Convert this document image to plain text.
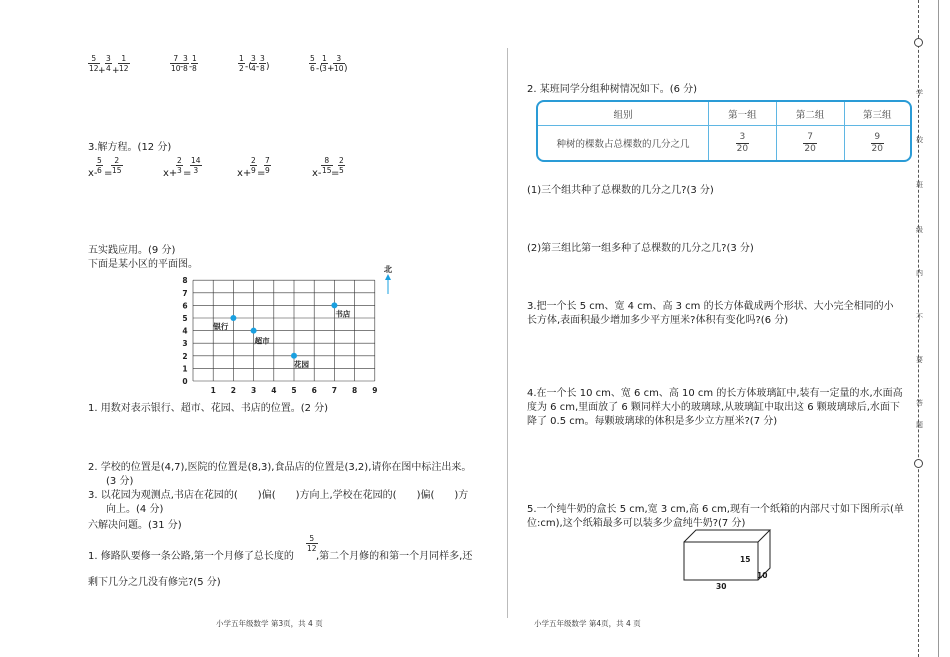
$\frac{5}{12}$
+ $\frac{3}{4}$ +
$\frac{1}{12}$	$\frac{7}{10}$
-
$\frac{3}{8}$ -
$\frac{1}{8}$	$\frac{1}{2}$ -(
$\frac{3}{4} - \frac{3}{8}$ )	$\frac{5}{6}$ -(
$\frac{1}{3}$ +
$\frac{3}{10}$ )
3.解方程。(12 分)
x-
$\frac{5}{6}$ =
$\frac{2}{15}$	x+
$\frac{2}{3}$ =
$\frac{14}{3}$	x+
$\frac{2}{9}$ =
$\frac{7}{9}$	$x- \frac{8}{15}$
=
$\frac{2}{5}$
五实践应用。(9 分)
下面是某小区的平面图。
1 2 3 4 5 6 7 8 9
0
1
2
3
4
5
6
7
8
银行
超市
花园
书店
北
1. 用数对表示银行、超市、花园、书店的位置。(2 分)
2. 学校的位置是(4,7),医院的位置是(8,3),食品店的位置是(3,2),请你在图中标注出来。
(3 分)
3. 以花园为观测点,书店在花园的(　　)偏(　　)方向上,学校在花园的(　　)偏(　　)方
向上。(4 分)
六解决问题。(31 分)
1. 修路队要修一条公路,第一个月修了总长度的
$\frac{5}{12}$
,第二个月修的和第一个月同样多,还
剩下几分之几没有修完?(5 分)
小学五年级数学 第3页，共 4 页
2. 某班同学分组种树情况如下。(6 分)
组别	第一组	第二组	第三组
种树的棵数占总棵数的几分之几	$\frac{3}{20}$	$\frac{7}{20}$	$\frac{9}{20}$
(1)三个组共种了总棵数的几分之几?(3 分)
(2)第三组比第一组多种了总棵数的几分之几?(3 分)
3.把一个长 5 cm、宽 4 cm、高 3 cm 的长方体截成两个形状、大小完全相同的小
长方体,表面积最少增加多少平方厘米?体积有变化吗?(6 分)
4.在一个长 10 cm、宽 6 cm、高 10 cm 的长方体玻璃缸中,装有一定量的水,水面高
度为 6 cm,里面放了 6 颗同样大小的玻璃球,从玻璃缸中取出这 6 颗玻璃球后,水面下
降了 0.5 cm。每颗玻璃球的体积是多少立方厘米?(7 分)
5.一个纯牛奶的盒长 5 cm,宽 3 cm,高 6 cm,现有一个纸箱的内部尺寸如下图所示(单
位:cm),这个纸箱最多可以装多少盒纯牛奶?(7 分)
15
10
30
小学五年级数学 第4页，共 4 页
学
校
班
级
内
不
要
答
题
